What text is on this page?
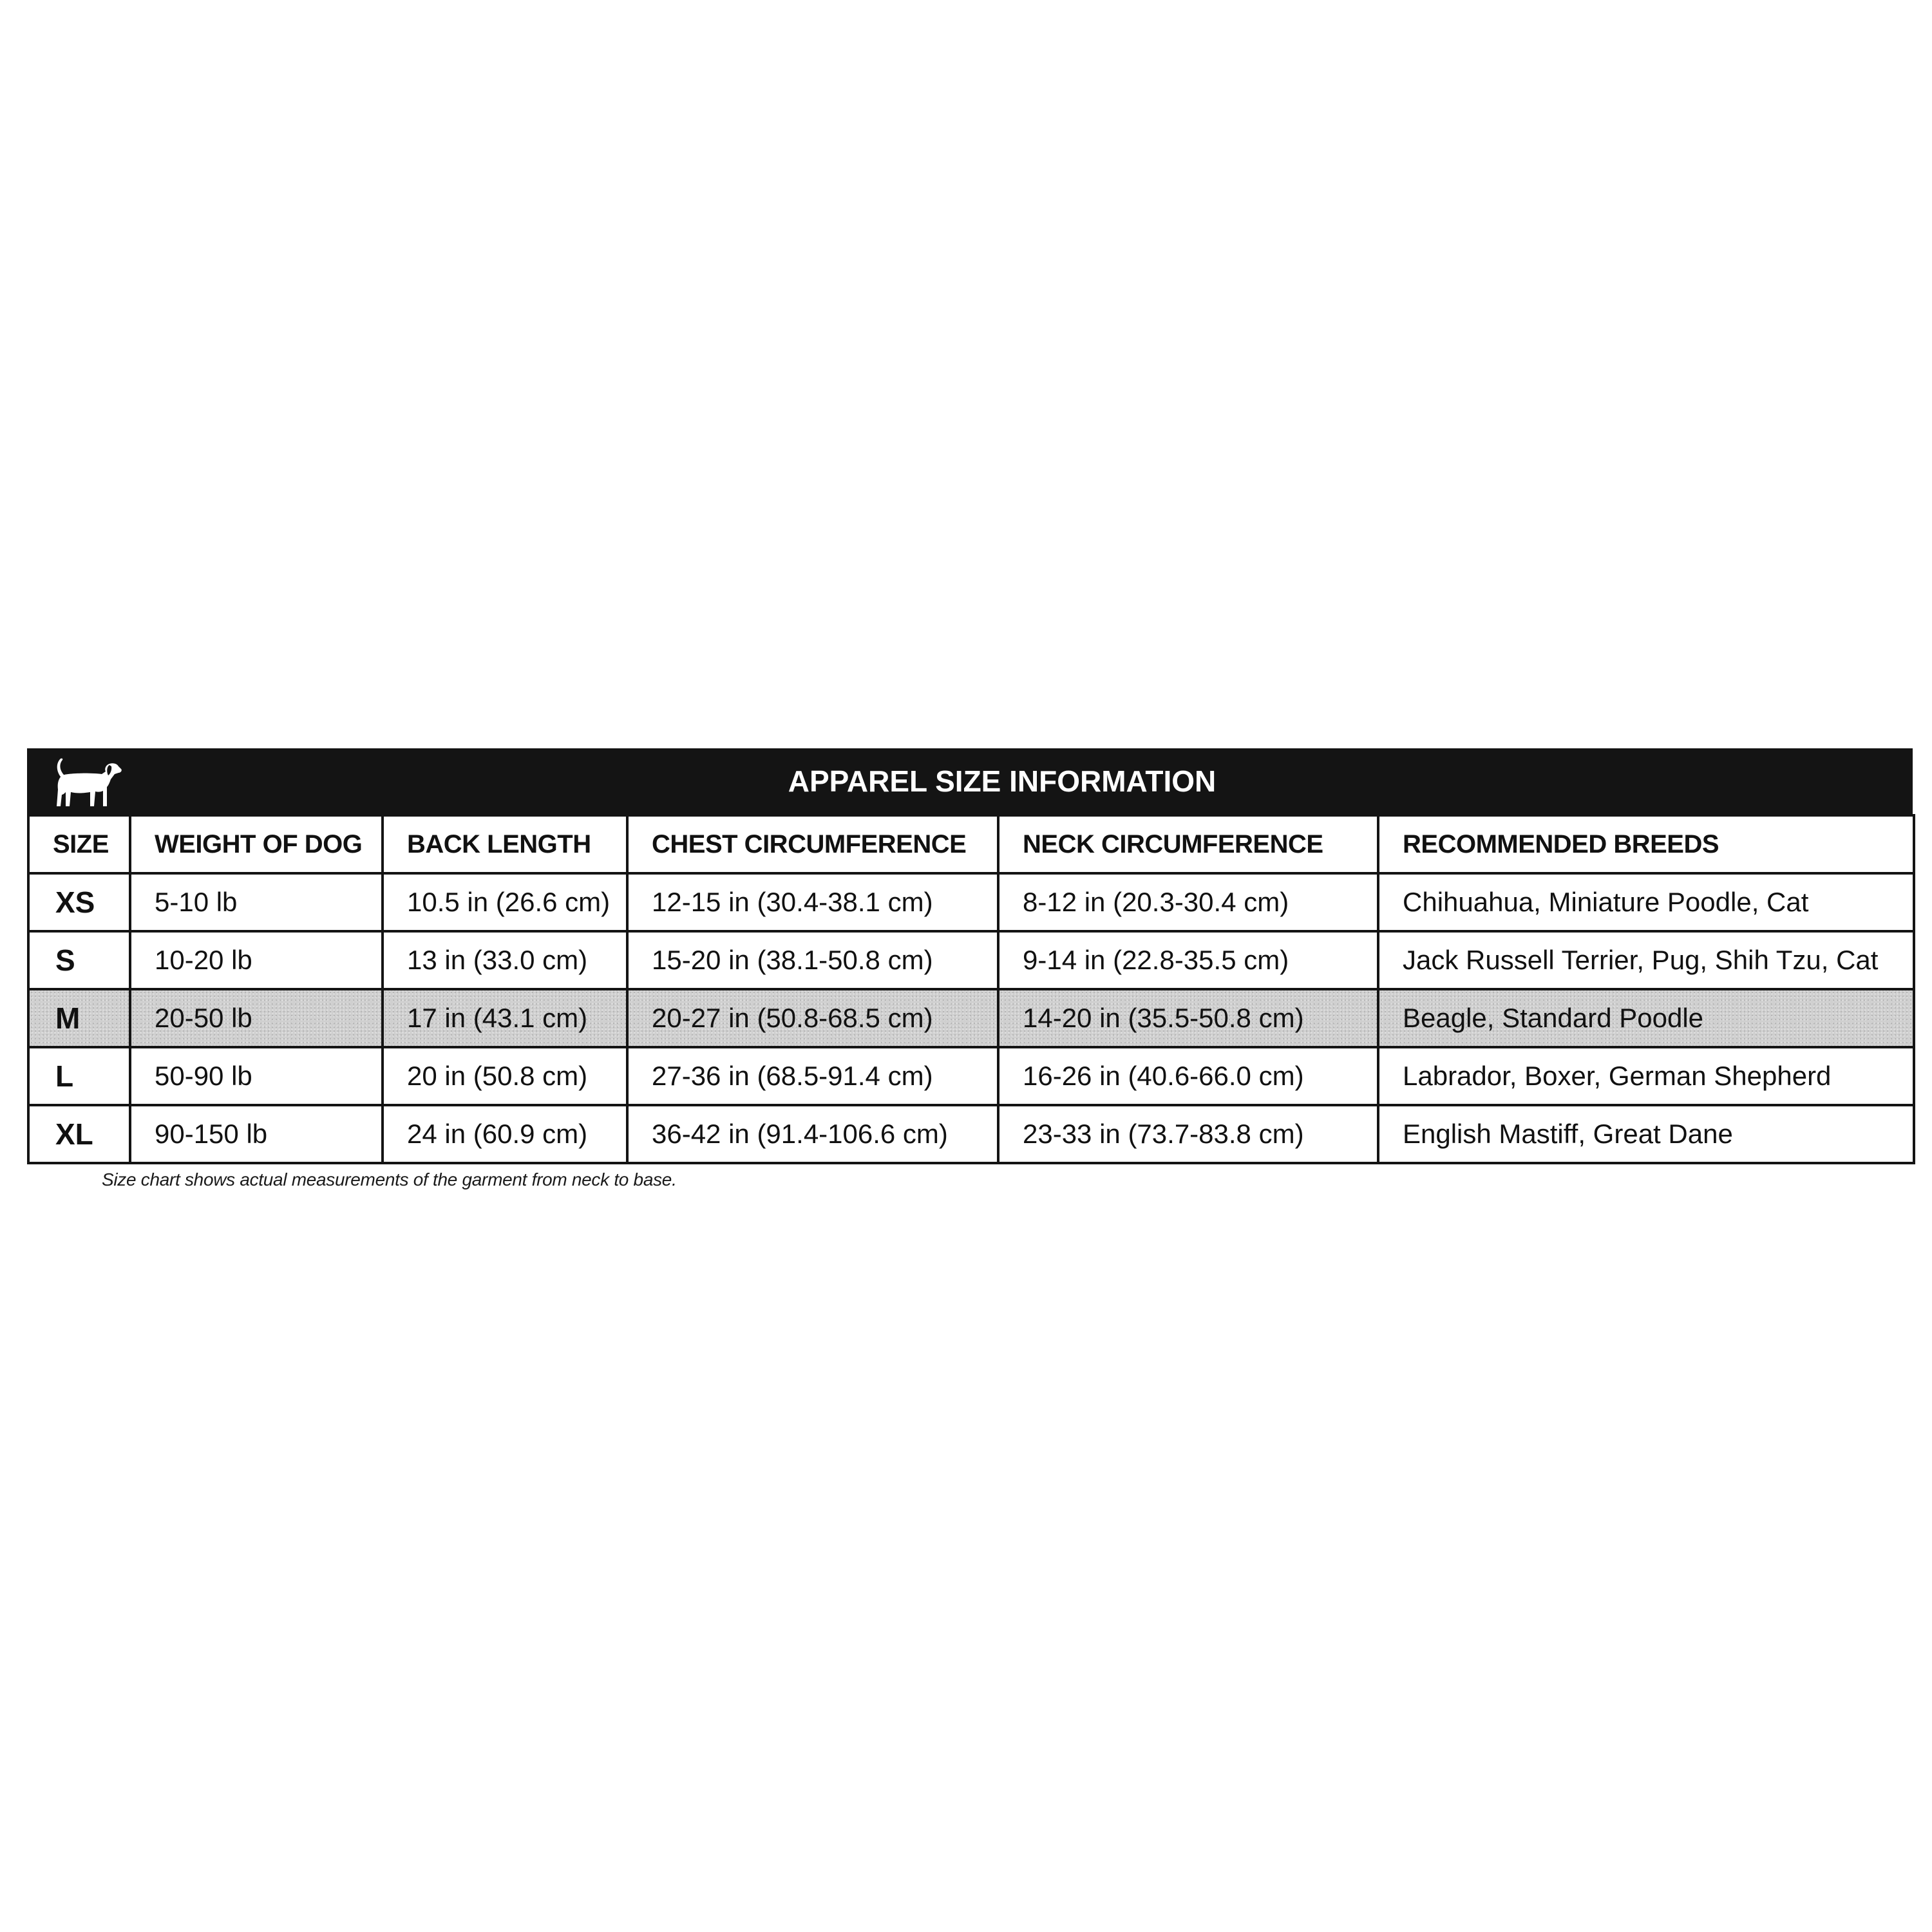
APPAREL SIZE INFORMATION
SIZE	WEIGHT OF DOG	BACK LENGTH	CHEST CIRCUMFERENCE	NECK CIRCUMFERENCE	RECOMMENDED BREEDS
XS	5-10 lb	10.5 in (26.6 cm)	12-15 in (30.4-38.1 cm)	8-12 in (20.3-30.4 cm)	Chihuahua, Miniature Poodle, Cat
S	10-20 lb	13 in (33.0 cm)	15-20 in (38.1-50.8 cm)	9-14 in (22.8-35.5 cm)	Jack Russell Terrier, Pug, Shih Tzu, Cat
M	20-50 lb	17 in (43.1 cm)	20-27 in (50.8-68.5 cm)	14-20 in (35.5-50.8 cm)	Beagle, Standard Poodle
L	50-90 lb	20 in (50.8 cm)	27-36 in (68.5-91.4 cm)	16-26 in (40.6-66.0 cm)	Labrador, Boxer, German Shepherd
XL	90-150 lb	24 in (60.9 cm)	36-42 in (91.4-106.6 cm)	23-33 in (73.7-83.8 cm)	English Mastiff, Great Dane
Size chart shows actual measurements of the garment from neck to base.
